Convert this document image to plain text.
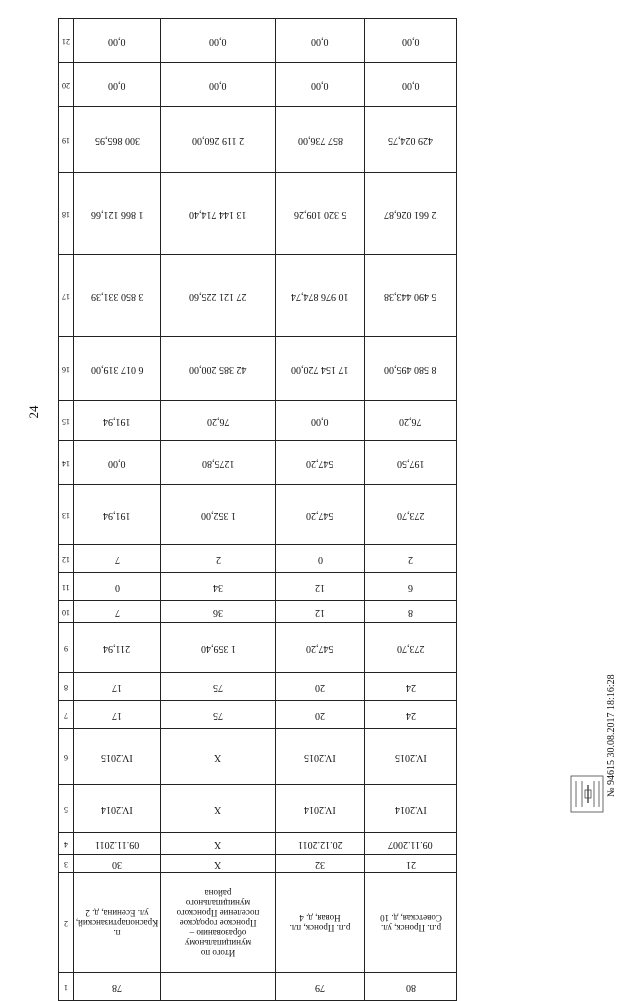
24
21	0,00	0,00	0,00	0,00

20	0,00	0,00	0,00	0,00

19	300 865,95	2 119 260,00	857 736,00	429 024,75

18	1 866 121,66	13 144 714,40	5 320 109,26	2 661 026,87

17	3 850 331,39	27 121 225,60	10 976 874,74	5 490 443,38

16	6 017 319,00	42 385 200,00	17 154 720,00	8 580 495,00

15	191,94	76,20	0,00	76,20

14	0,00	1275,80	547,20	197,50

13	191,94	1 352,00	547,20	273,70

12	7	2	0	2

11	0	34	12	6

10	7	36	12	8

9	211,94	1 359,40	547,20	273,70

8	17	75	20	24

7	17	75	20	24

6	IV.2015	X	IV.2015	IV.2015

5	IV.2014	X	IV.2014	IV.2014

4	09.11.2011	X	20.12.2011	09.11.2007

3	30	X	32	21

2	п. Краснопартизанский, ул. Есенина, д. 2	Итого по муниципальному образованию – Пронское городское поселение Пронского муниципального района	р.п. Пронск, пл. Новая, д. 4	р.п. Пронск, ул. Советская, д. 10

1	78		79	80
№ 94615 30.08.2017 18:16:28
